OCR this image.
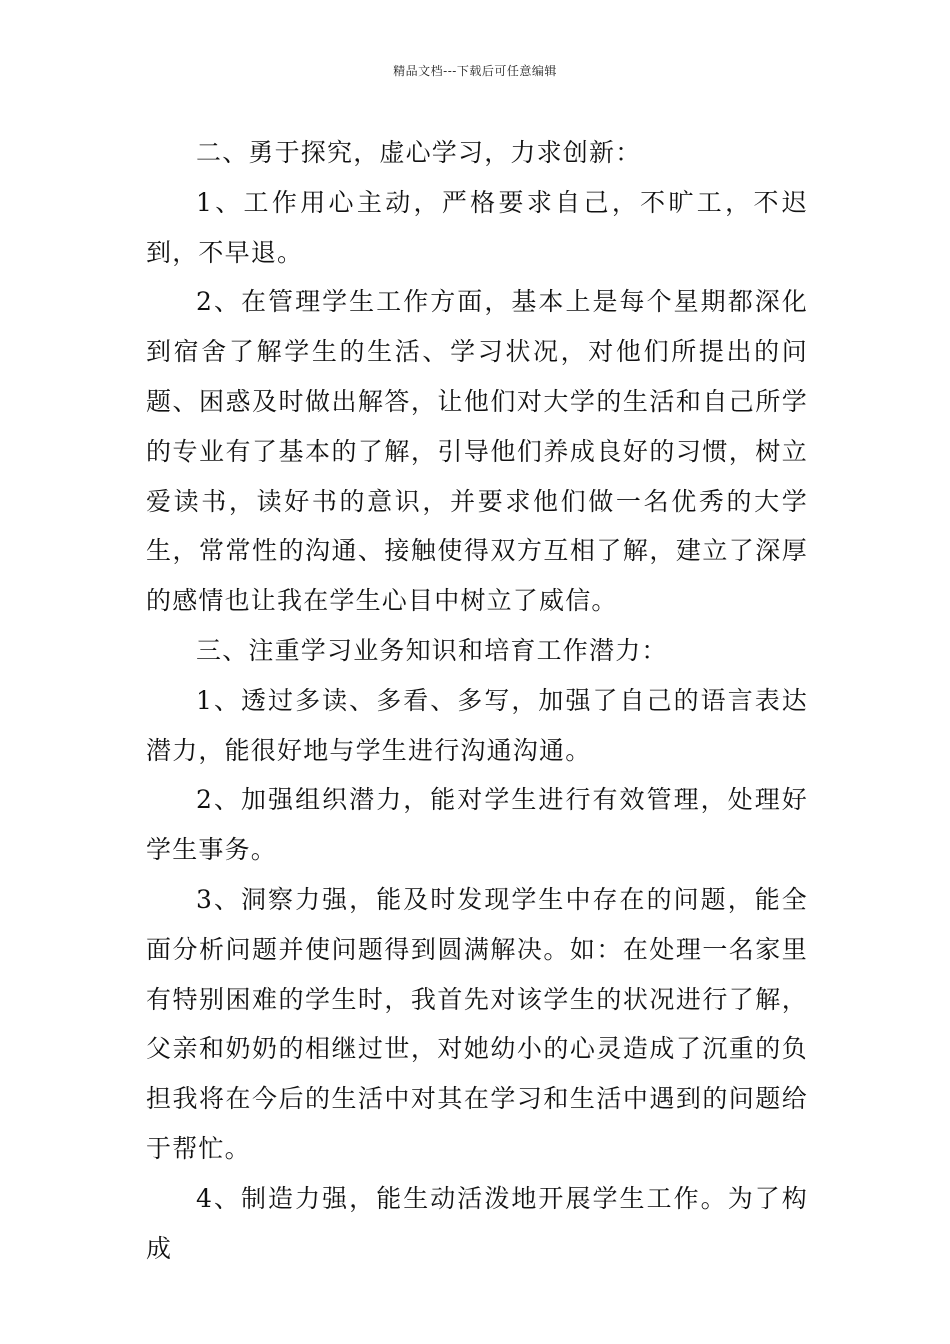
精品文档---下载后可任意编辑

二、勇于探究，虚心学习，力求创新：

1、工作用心主动，严格要求自己，不旷工，不迟到，不早退。

2、在管理学生工作方面，基本上是每个星期都深化到宿舍了解学生的生活、学习状况，对他们所提出的问题、困惑及时做出解答，让他们对大学的生活和自己所学的专业有了基本的了解，引导他们养成良好的习惯，树立爱读书，读好书的意识，并要求他们做一名优秀的大学生，常常性的沟通、接触使得双方互相了解，建立了深厚的感情也让我在学生心目中树立了威信。

三、注重学习业务知识和培育工作潜力：

1、透过多读、多看、多写，加强了自己的语言表达潜力，能很好地与学生进行沟通沟通。

2、加强组织潜力，能对学生进行有效管理，处理好学生事务。

3、洞察力强，能及时发现学生中存在的问题，能全面分析问题并使问题得到圆满解决。如：在处理一名家里有特别困难的学生时，我首先对该学生的状况进行了解，父亲和奶奶的相继过世，对她幼小的心灵造成了沉重的负担我将在今后的生活中对其在学习和生活中遇到的问题给于帮忙。

4、制造力强，能生动活泼地开展学生工作。为了构成
